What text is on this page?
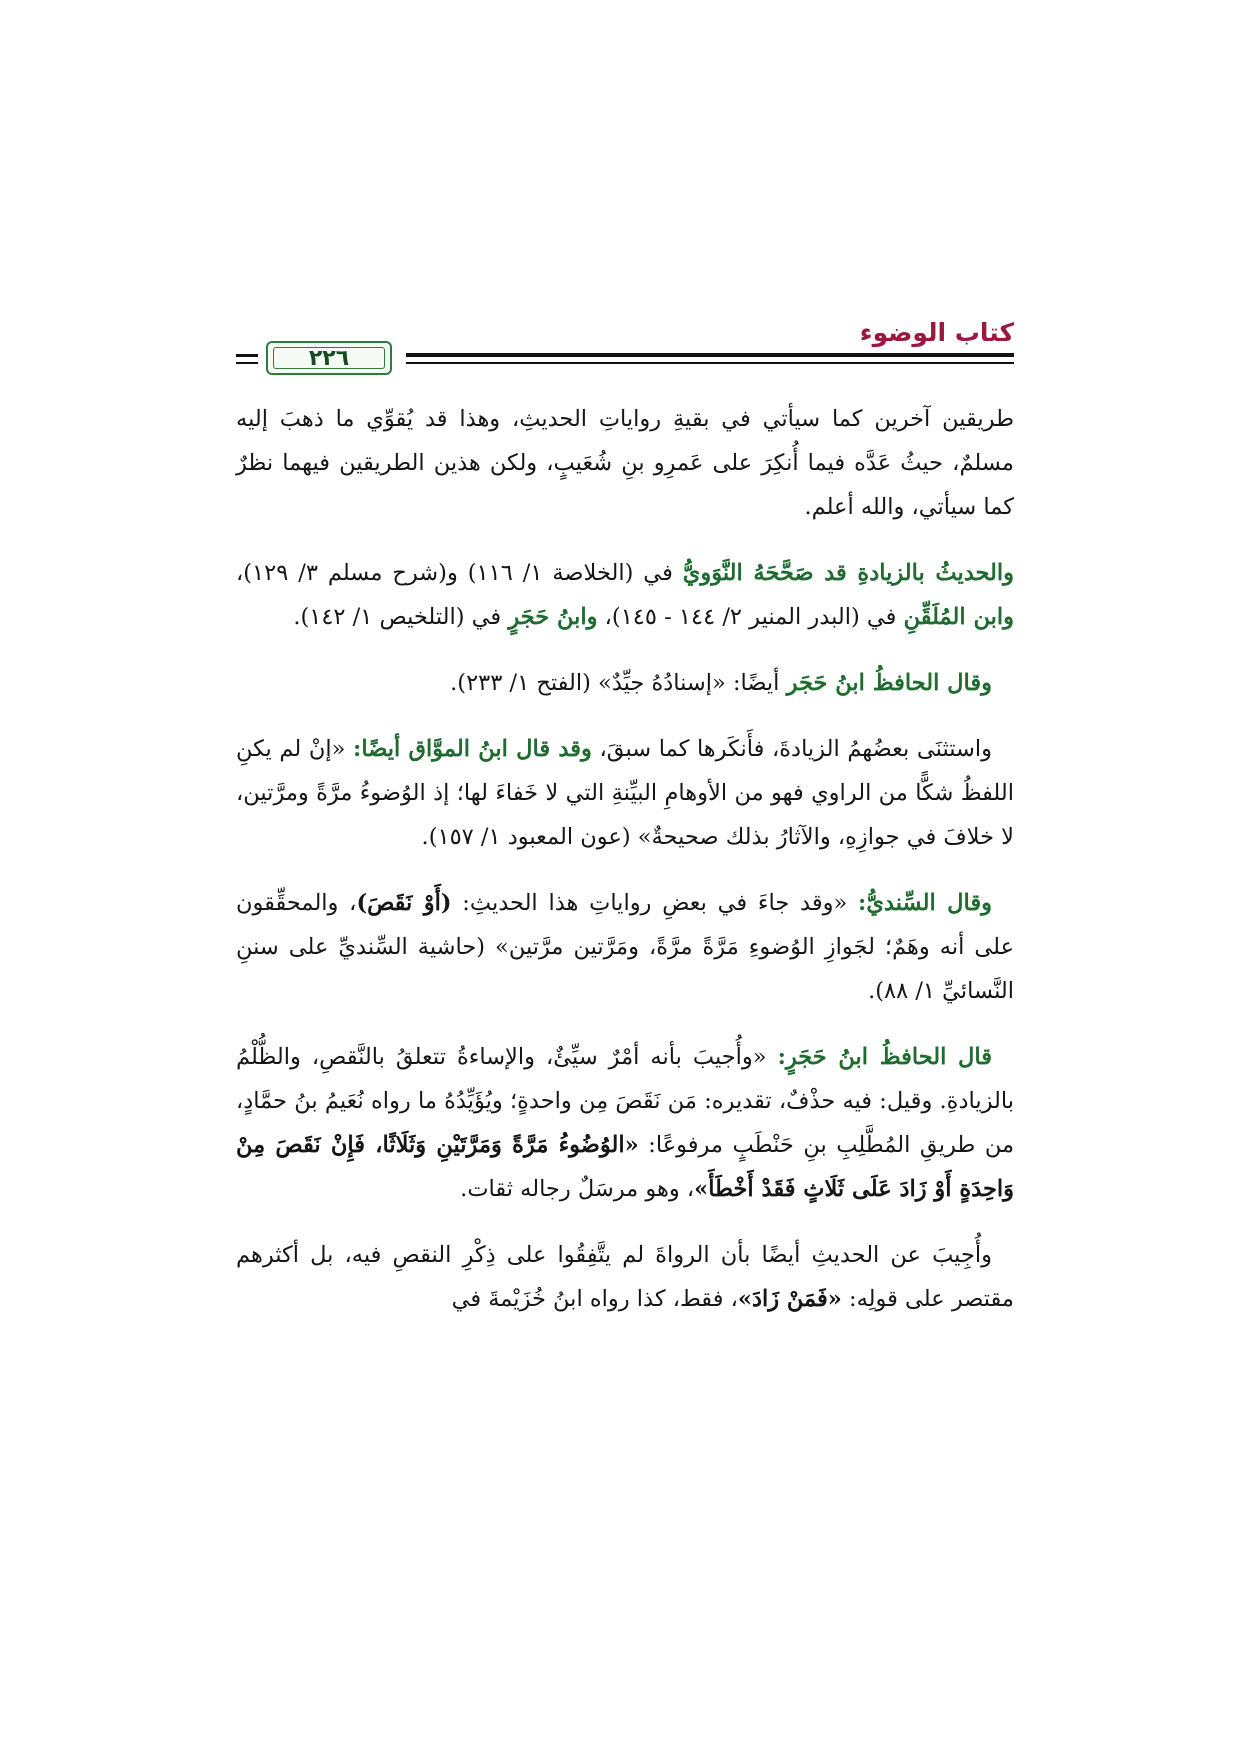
كتاب الوضوء
٢٢٦

طريقين آخرين كما سيأتي في بقيةِ رواياتِ الحديثِ، وهذا قد يُقوِّي ما ذهبَ إليه مسلمٌ، حيثُ عَدَّه فيما أُنكِرَ على عَمرِو بنِ شُعَيبٍ، ولكن هذين الطريقين فيهما نظرٌ كما سيأتي، والله أعلم.

والحديثُ بالزيادةِ قد صَحَّحَهُ النَّوَويُّ في (الخلاصة ١/ ١١٦) و(شرح مسلم ٣/ ١٢٩)، وابن المُلَقِّنِ في (البدر المنير ٢/ ١٤٤ - ١٤٥)، وابنُ حَجَرٍ في (التلخيص ١/ ١٤٢).

وقال الحافظُ ابنُ حَجَر أيضًا: «إسنادُهُ جيِّدٌ» (الفتح ١/ ٢٣٣).

واستثنَى بعضُهمُ الزيادةَ، فأَنكَرها كما سبقَ، وقد قال ابنُ الموَّاق أيضًا: «إنْ لم يكنِ اللفظُ شكًّا من الراوي فهو من الأوهامِ البيِّنةِ التي لا خَفاءَ لها؛ إذ الوُضوءُ مرَّةً ومرَّتين، لا خلافَ في جوازِهِ، والآثارُ بذلك صحيحةٌ» (عون المعبود ١/ ١٥٧).

وقال السِّنديُّ: «وقد جاءَ في بعضِ رواياتِ هذا الحديثِ: (أَوْ نَقَصَ)، والمحقِّقون على أنه وهَمٌ؛ لجَوازِ الوُضوءِ مَرَّةً مرَّةً، ومَرَّتين مرَّتين» (حاشية السِّنديِّ على سننِ النَّسائيِّ ١/ ٨٨).

قال الحافظُ ابنُ حَجَرٍ: «وأُجيبَ بأنه أمْرٌ سيِّئٌ، والإساءةُ تتعلقُ بالنَّقصِ، والظُّلْمُ بالزيادةِ. وقيل: فيه حذْفٌ، تقديره: مَن نَقَصَ مِن واحدةٍ؛ ويُؤَيِّدُهُ ما رواه نُعَيمُ بنُ حمَّادٍ، من طريقِ المُطَّلِبِ بنِ حَنْطَبٍ مرفوعًا: «الوُضُوءُ مَرَّةً وَمَرَّتَيْنِ وَثَلَاثًا، فَإِنْ نَقَصَ مِنْ وَاحِدَةٍ أَوْ زَادَ عَلَى ثَلَاثٍ فَقَدْ أَخْطَأَ»، وهو مرسَلٌ رجاله ثقات.

وأُجِيبَ عن الحديثِ أيضًا بأن الرواةَ لم يتَّفِقُوا على ذِكْرِ النقصِ فيه، بل أكثرهم مقتصر على قولِه: «فَمَنْ زَادَ»، فقط، كذا رواه ابنُ خُزَيْمةَ في
